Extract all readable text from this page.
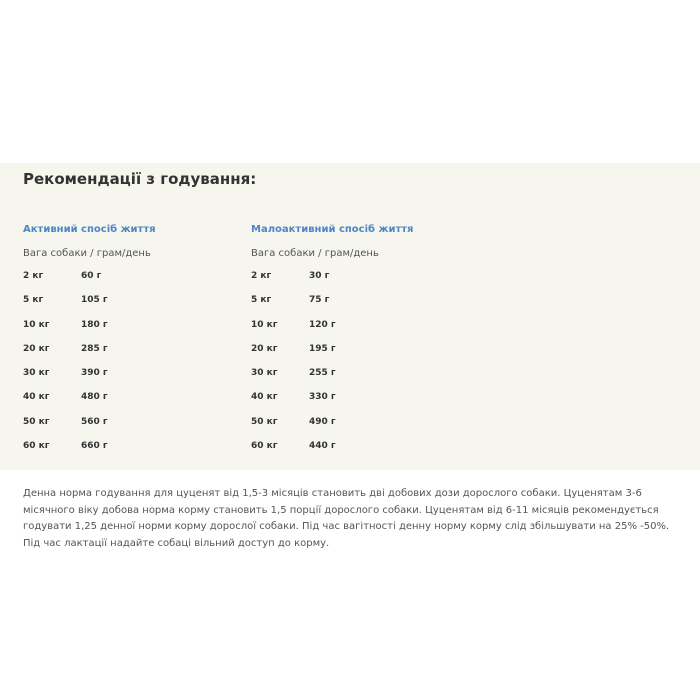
Рекомендації з годування:
Активний спосіб життя
Вага собаки / грам/день
2 кг	60 г
5 кг	105 г
10 кг	180 г
20 кг	285 г
30 кг	390 г
40 кг	480 г
50 кг	560 г
60 кг	660 г
Малоактивний спосіб життя
Вага собаки / грам/день
2 кг	30 г
5 кг	75 г
10 кг	120 г
20 кг	195 г
30 кг	255 г
40 кг	330 г
50 кг	490 г
60 кг	440 г

Денна норма годування для цуценят від 1,5-3 місяців становить дві добових дози дорослого собаки. Цуценятам 3-6 місячного віку добова норма корму становить 1,5 порції дорослого собаки. Цуценятам від 6-11 місяців рекомендується годувати 1,25 денної норми корму дорослої собаки. Під час вагітності денну норму корму слід збільшувати на 25% -50%. Під час лактації надайте собаці вільний доступ до корму.
